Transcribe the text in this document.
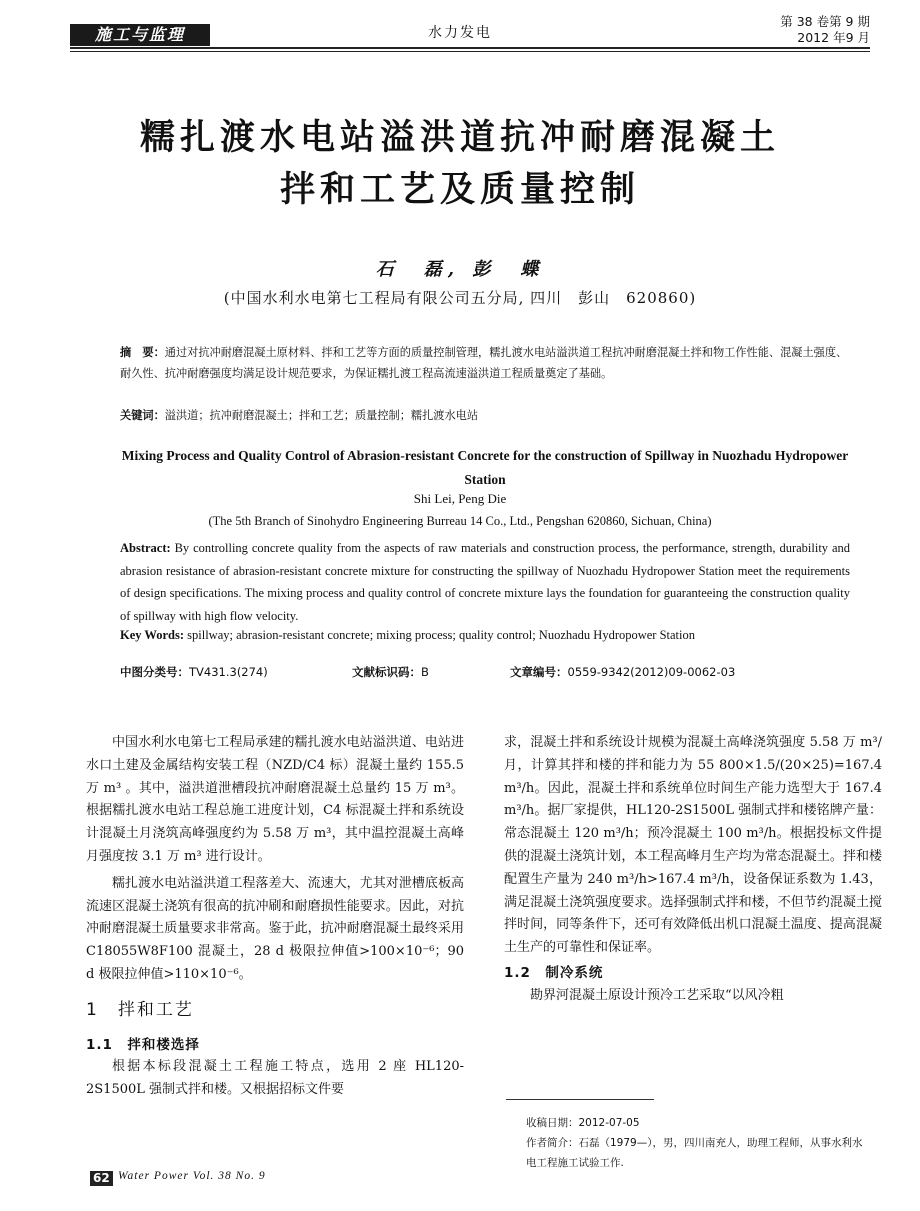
施工与监理	水力发电
第 38 卷第 9 期
2012 年9 月
糯扎渡水电站溢洪道抗冲耐磨混凝土
拌和工艺及质量控制
石　磊, 彭　蝶
(中国水利水电第七工程局有限公司五分局, 四川　彭山　620860)
摘　要：通过对抗冲耐磨混凝土原材料、拌和工艺等方面的质量控制管理，糯扎渡水电站溢洪道工程抗冲耐磨混凝土拌和物工作性能、混凝土强度、耐久性、抗冲耐磨强度均满足设计规范要求，为保证糯扎渡工程高流速溢洪道工程质量奠定了基础。
关键词：溢洪道；抗冲耐磨混凝土；拌和工艺；质量控制；糯扎渡水电站
Mixing Process and Quality Control of Abrasion-resistant Concrete for the construction of Spillway in Nuozhadu Hydropower Station
Shi Lei, Peng Die
(The 5th Branch of Sinohydro Engineering Burreau 14 Co., Ltd., Pengshan 620860, Sichuan, China)
Abstract: By controlling concrete quality from the aspects of raw materials and construction process, the performance, strength, durability and abrasion resistance of abrasion-resistant concrete mixture for constructing the spillway of Nuozhadu Hydropower Station meet the requirements of design specifications. The mixing process and quality control of concrete mixture lays the foundation for guaranteeing the construction quality of spillway with high flow velocity.
Key Words: spillway; abrasion-resistant concrete; mixing process; quality control; Nuozhadu Hydropower Station
中图分类号：TV431.3(274)	文献标识码：B	文章编号：0559-9342(2012)09-0062-03

中国水利水电第七工程局承建的糯扎渡水电站溢洪道、电站进水口土建及金属结构安装工程（NZD/C4 标）混凝土量约 155.5 万 m³ 。其中，溢洪道泄槽段抗冲耐磨混凝土总量约 15 万 m³。根据糯扎渡水电站工程总施工进度计划，C4 标混凝土拌和系统设计混凝土月浇筑高峰强度约为 5.58 万 m³，其中温控混凝土高峰月强度按 3.1 万 m³ 进行设计。

糯扎渡水电站溢洪道工程落差大、流速大，尤其对泄槽底板高流速区混凝土浇筑有很高的抗冲刷和耐磨损性能要求。因此，对抗冲耐磨混凝土质量要求非常高。鉴于此，抗冲耐磨混凝土最终采用 C18055W8F100 混凝土，28 d 极限拉伸值>100×10⁻⁶；90 d 极限拉伸值>110×10⁻⁶。

1　拌和工艺
1.1　拌和楼选择

根据本标段混凝土工程施工特点，选用 2 座 HL120-2S1500L 强制式拌和楼。又根据招标文件要

求，混凝土拌和系统设计规模为混凝土高峰浇筑强度 5.58 万 m³/月，计算其拌和楼的拌和能力为 55 800×1.5/(20×25)=167.4 m³/h。因此，混凝土拌和系统单位时间生产能力选型大于 167.4 m³/h。据厂家提供，HL120-2S1500L 强制式拌和楼铭牌产量：常态混凝土 120 m³/h；预冷混凝土 100 m³/h。根据投标文件提供的混凝土浇筑计划，本工程高峰月生产均为常态混凝土。拌和楼配置生产量为 240 m³/h>167.4 m³/h，设备保证系数为 1.43，满足混凝土浇筑强度要求。选择强制式拌和楼，不但节约混凝土搅拌时间，同等条件下，还可有效降低出机口混凝土温度、提高混凝土生产的可靠性和保证率。

1.2　制冷系统

勘界河混凝土原设计预冷工艺采取“以风冷粗

收稿日期：2012-07-05
作者简介：石磊（1979—），男，四川南充人，助理工程师，从事水利水电工程施工试验工作.
62 Water Power Vol. 38 No. 9
